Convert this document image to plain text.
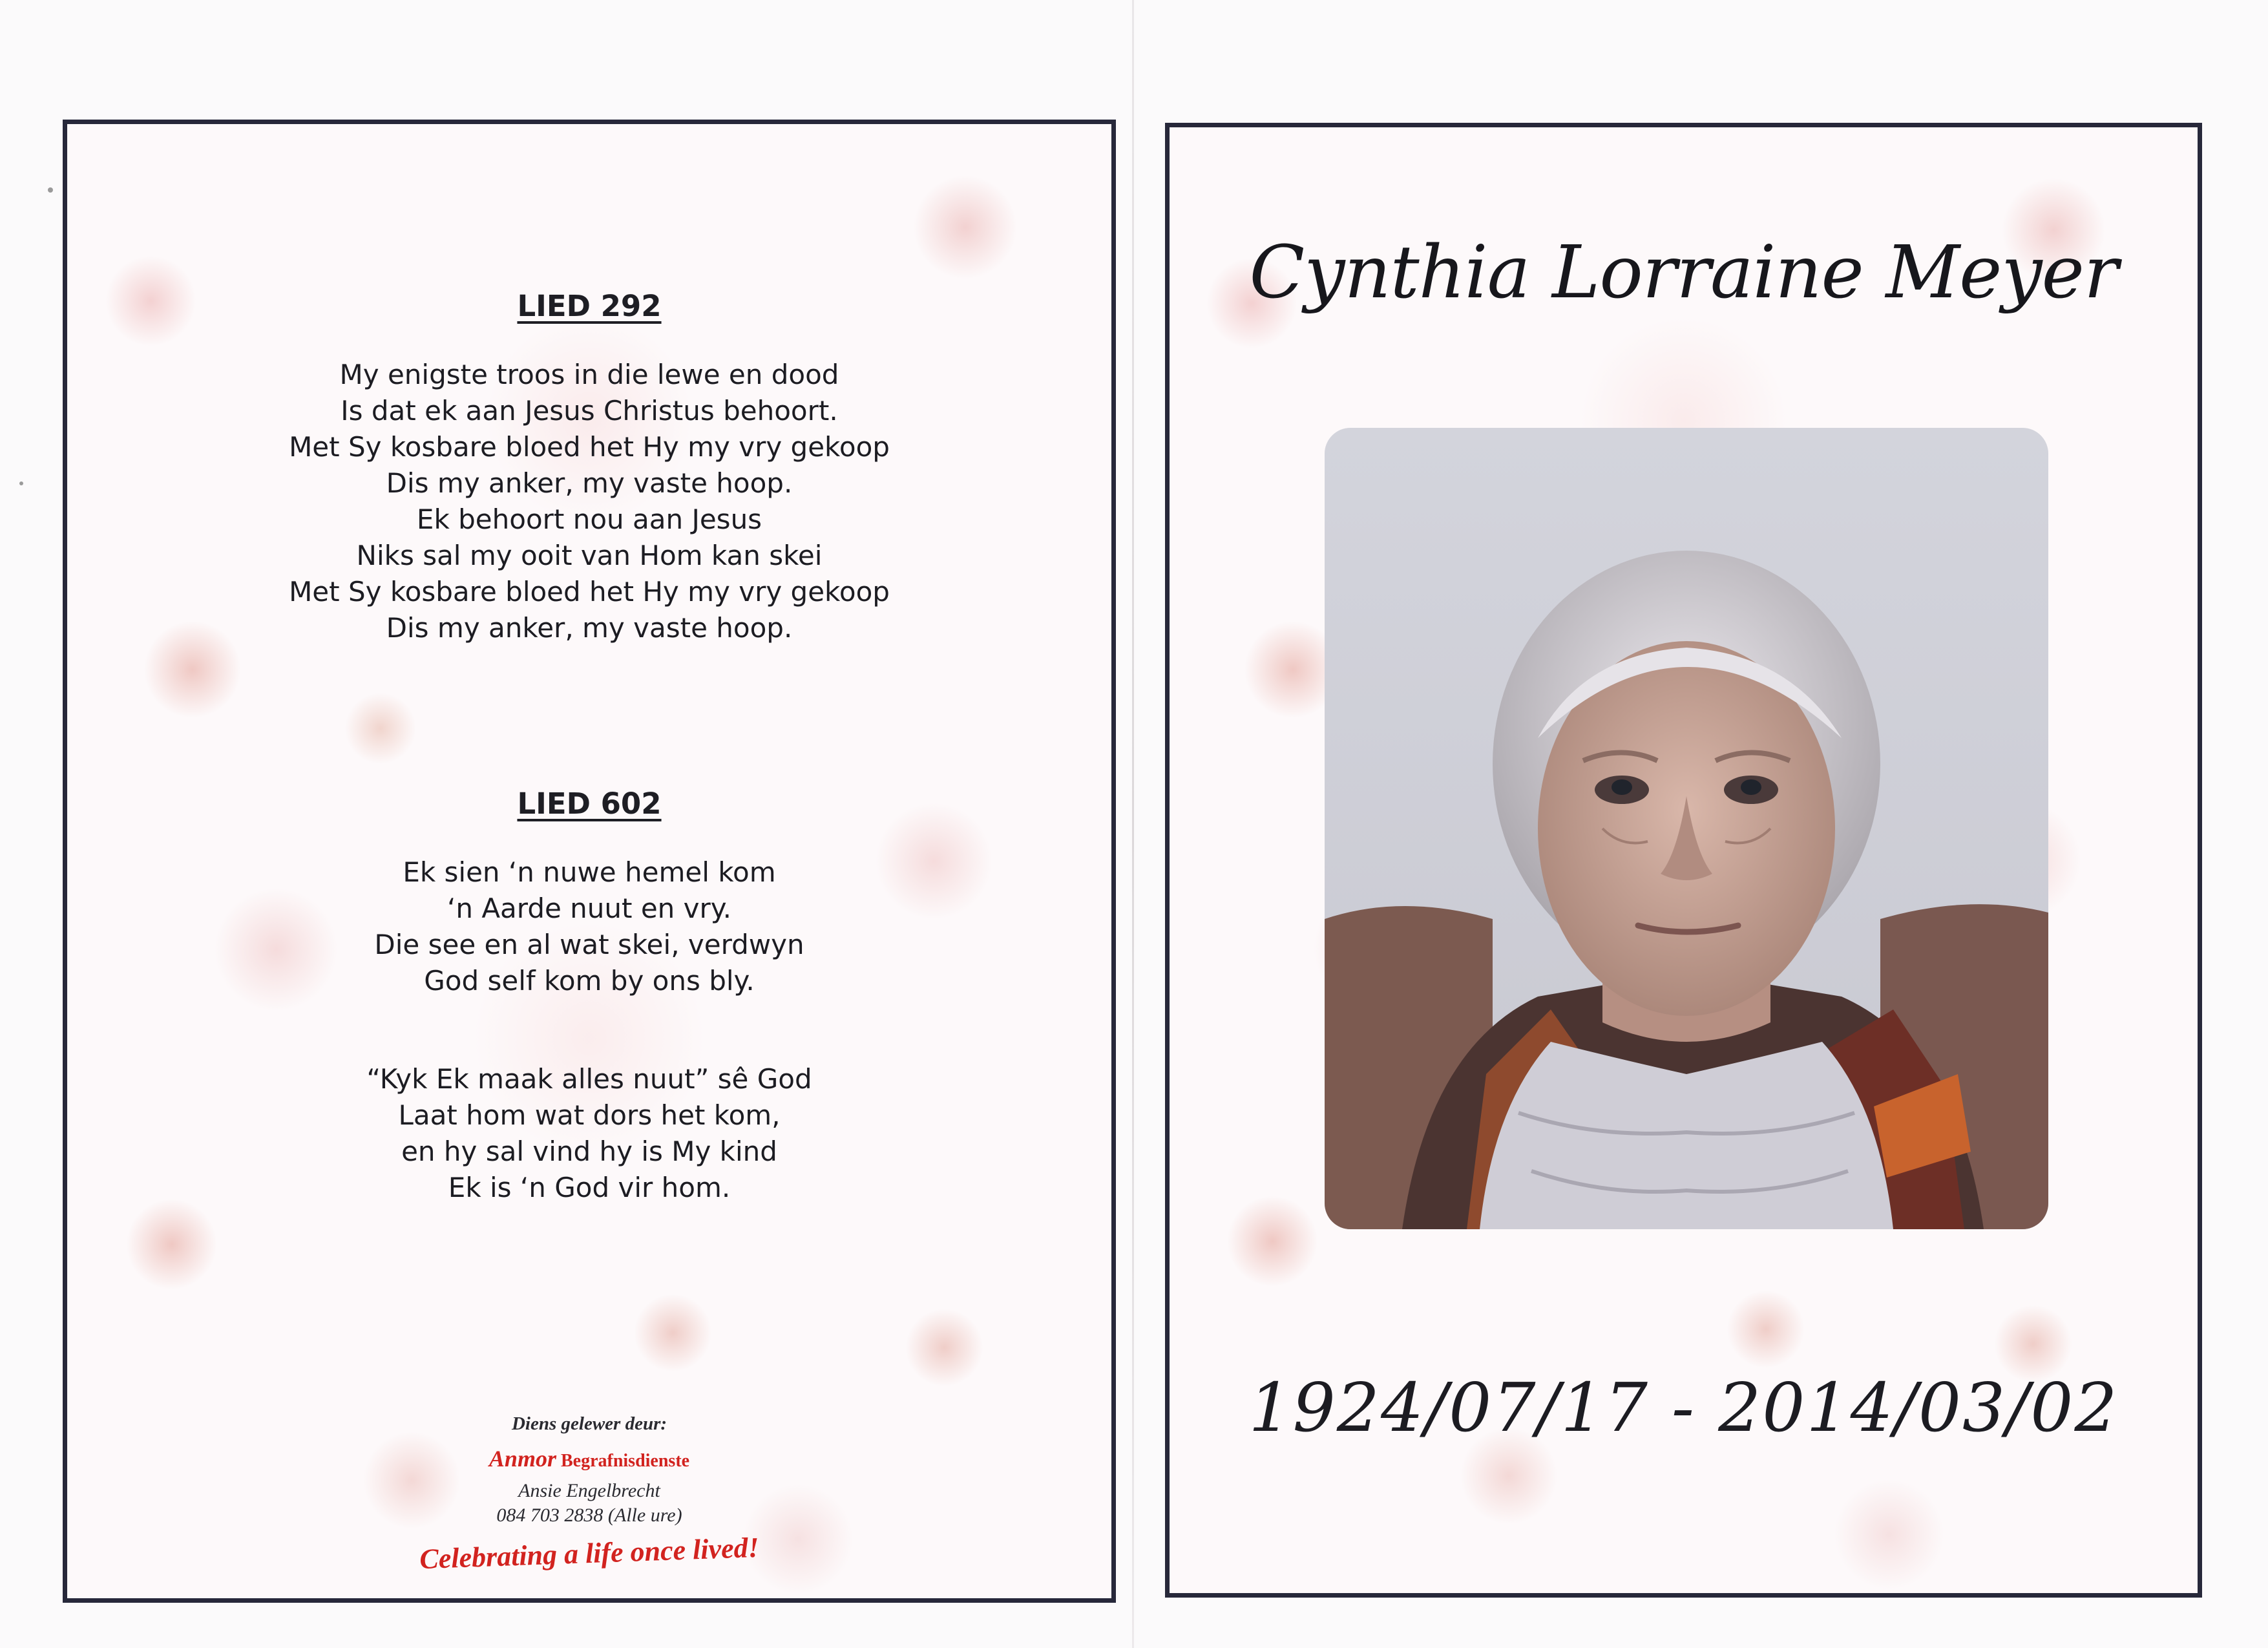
LIED 292
My enigste troos in die lewe en dood
Is dat ek aan Jesus Christus behoort.
Met Sy kosbare bloed het Hy my vry gekoop
Dis my anker, my vaste hoop.
Ek behoort nou aan Jesus
Niks sal my ooit van Hom kan skei
Met Sy kosbare bloed het Hy my vry gekoop
Dis my anker, my vaste hoop.
LIED 602
Ek sien ‘n nuwe hemel kom
‘n Aarde nuut en vry.
Die see en al wat skei, verdwyn
God self kom by ons bly.
“Kyk Ek maak alles nuut” sê God
Laat hom wat dors het kom,
en hy sal vind hy is My kind
Ek is ‘n God vir hom.
Diens gelewer deur:
Anmor Begrafnisdienste
Ansie Engelbrecht
084 703 2838 (Alle ure)
Celebrating a life once lived!
Cynthia Lorraine Meyer
1924/07/17 - 2014/03/02
